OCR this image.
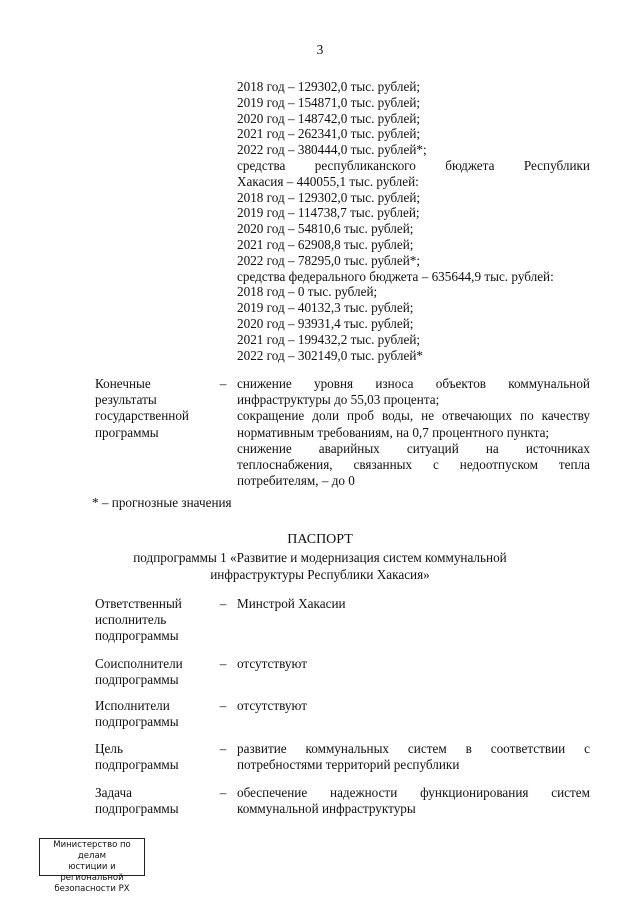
3
2018 год – 129302,0 тыс. рублей;
2019 год – 154871,0 тыс. рублей;
2020 год – 148742,0 тыс. рублей;
2021 год – 262341,0 тыс. рублей;
2022 год – 380444,0 тыс. рублей*;
средства республиканского бюджета Республики
Хакасия – 440055,1 тыс. рублей:
2018 год – 129302,0 тыс. рублей;
2019 год – 114738,7 тыс. рублей;
2020 год – 54810,6 тыс. рублей;
2021 год – 62908,8 тыс. рублей;
2022 год – 78295,0 тыс. рублей*;
средства федерального бюджета – 635644,9 тыс. рублей:
2018 год – 0 тыс. рублей;
2019 год – 40132,3 тыс. рублей;
2020 год – 93931,4 тыс. рублей;
2021 год – 199432,2 тыс. рублей;
2022 год – 302149,0 тыс. рублей*
Конечные
результаты
государственной
программы
– снижение уровня износа объектов коммунальной
инфраструктуры до 55,03 процента;
сокращение доли проб воды, не отвечающих по качеству
нормативным требованиям, на 0,7 процентного пункта;
снижение аварийных ситуаций на источниках
теплоснабжения, связанных с недоотпуском тепла
потребителям, – до 0
* – прогнозные значения
ПАСПОРТ
подпрограммы 1 «Развитие и модернизация систем коммунальной
инфраструктуры Республики Хакасия»
Ответственный
исполнитель
подпрограммы
– Минстрой Хакасии
Соисполнители
подпрограммы
– отсутствуют
Исполнители
подпрограммы
– отсутствуют
Цель
подпрограммы
– развитие коммунальных систем в соответствии с
потребностями территорий республики
Задача
подпрограммы
– обеспечение надежности функционирования систем
коммунальной инфраструктуры
Министерство по делам
юстиции и региональной
безопасности РХ
